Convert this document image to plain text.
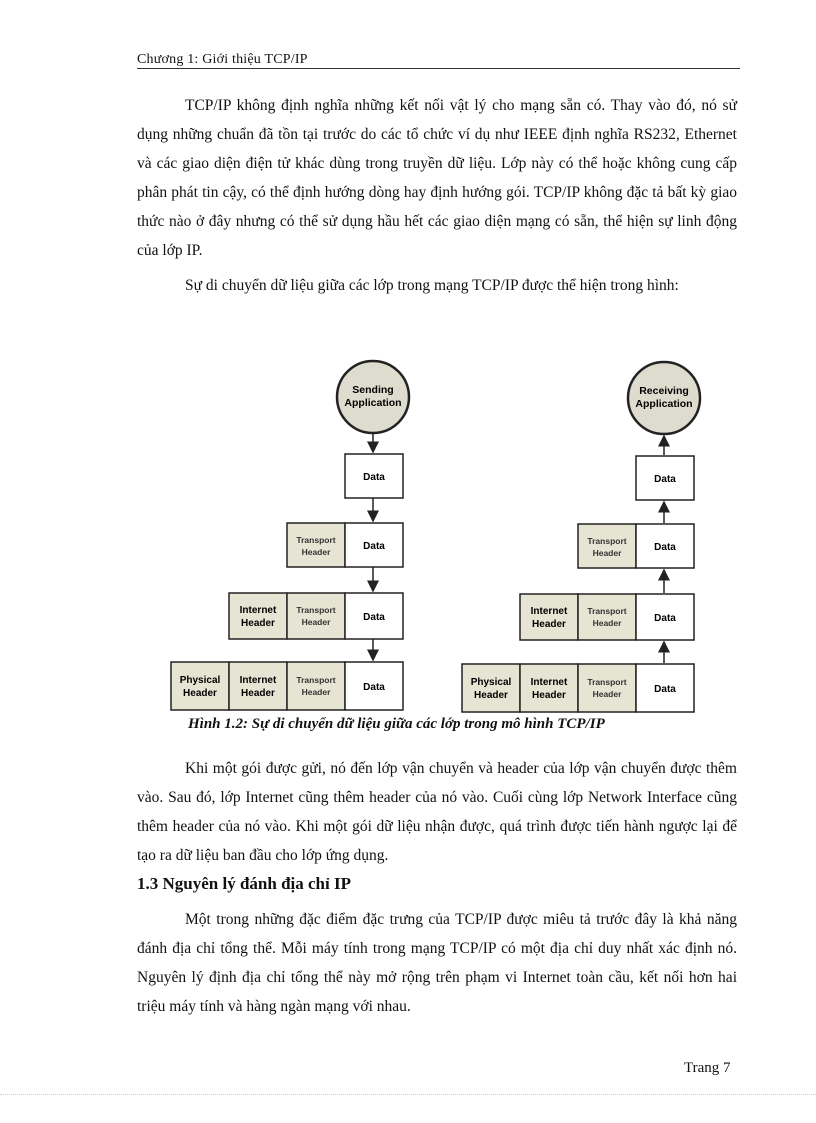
Chương 1: Giới thiệu TCP/IP

TCP/IP không định nghĩa những kết nối vật lý cho mạng sẵn có. Thay vào đó, nó sử dụng những chuẩn đã tồn tại trước do các tổ chức ví dụ như IEEE định nghĩa RS232, Ethernet và các giao diện điện tử khác dùng trong truyền dữ liệu. Lớp này có thể hoặc không cung cấp phân phát tin cậy, có thể định hướng dòng hay định hướng gói. TCP/IP không đặc tả bất kỳ giao thức nào ở đây nhưng có thể sử dụng hầu hết các giao diện mạng có sẵn, thể hiện sự linh động của lớp IP.

Sự di chuyển dữ liệu giữa các lớp trong mạng TCP/IP được thể hiện trong hình:

Sending
Application
Data
Transport
Header	Data
Internet
Header
Transport
Header	Data
Physical
Header
Internet
Header
Transport
Header	Data
Receiving
Application
Data
Transport
Header	Data
Internet
Header
Transport
Header	Data
Physical
Header
Internet
Header
Transport
Header	Data
Hình 1.2: Sự di chuyển dữ liệu giữa các lớp trong mô hình TCP/IP

Khi một gói được gửi, nó đến lớp vận chuyển và header của lớp vận chuyển được thêm vào. Sau đó, lớp Internet cũng thêm header của nó vào. Cuối cùng lớp Network Interface cũng thêm header của nó vào. Khi một gói dữ liệu nhận được, quá trình được tiến hành ngược lại để tạo ra dữ liệu ban đầu cho lớp ứng dụng.

1.3 Nguyên lý đánh địa chỉ IP

Một trong những đặc điểm đặc trưng của TCP/IP được miêu tả trước đây là khả năng đánh địa chỉ tổng thể. Mỗi máy tính trong mạng TCP/IP có một địa chỉ duy nhất xác định nó. Nguyên lý định địa chỉ tổng thể này mở rộng trên phạm vi Internet toàn cầu, kết nối hơn hai triệu máy tính và hàng ngàn mạng với nhau.

Trang 7
